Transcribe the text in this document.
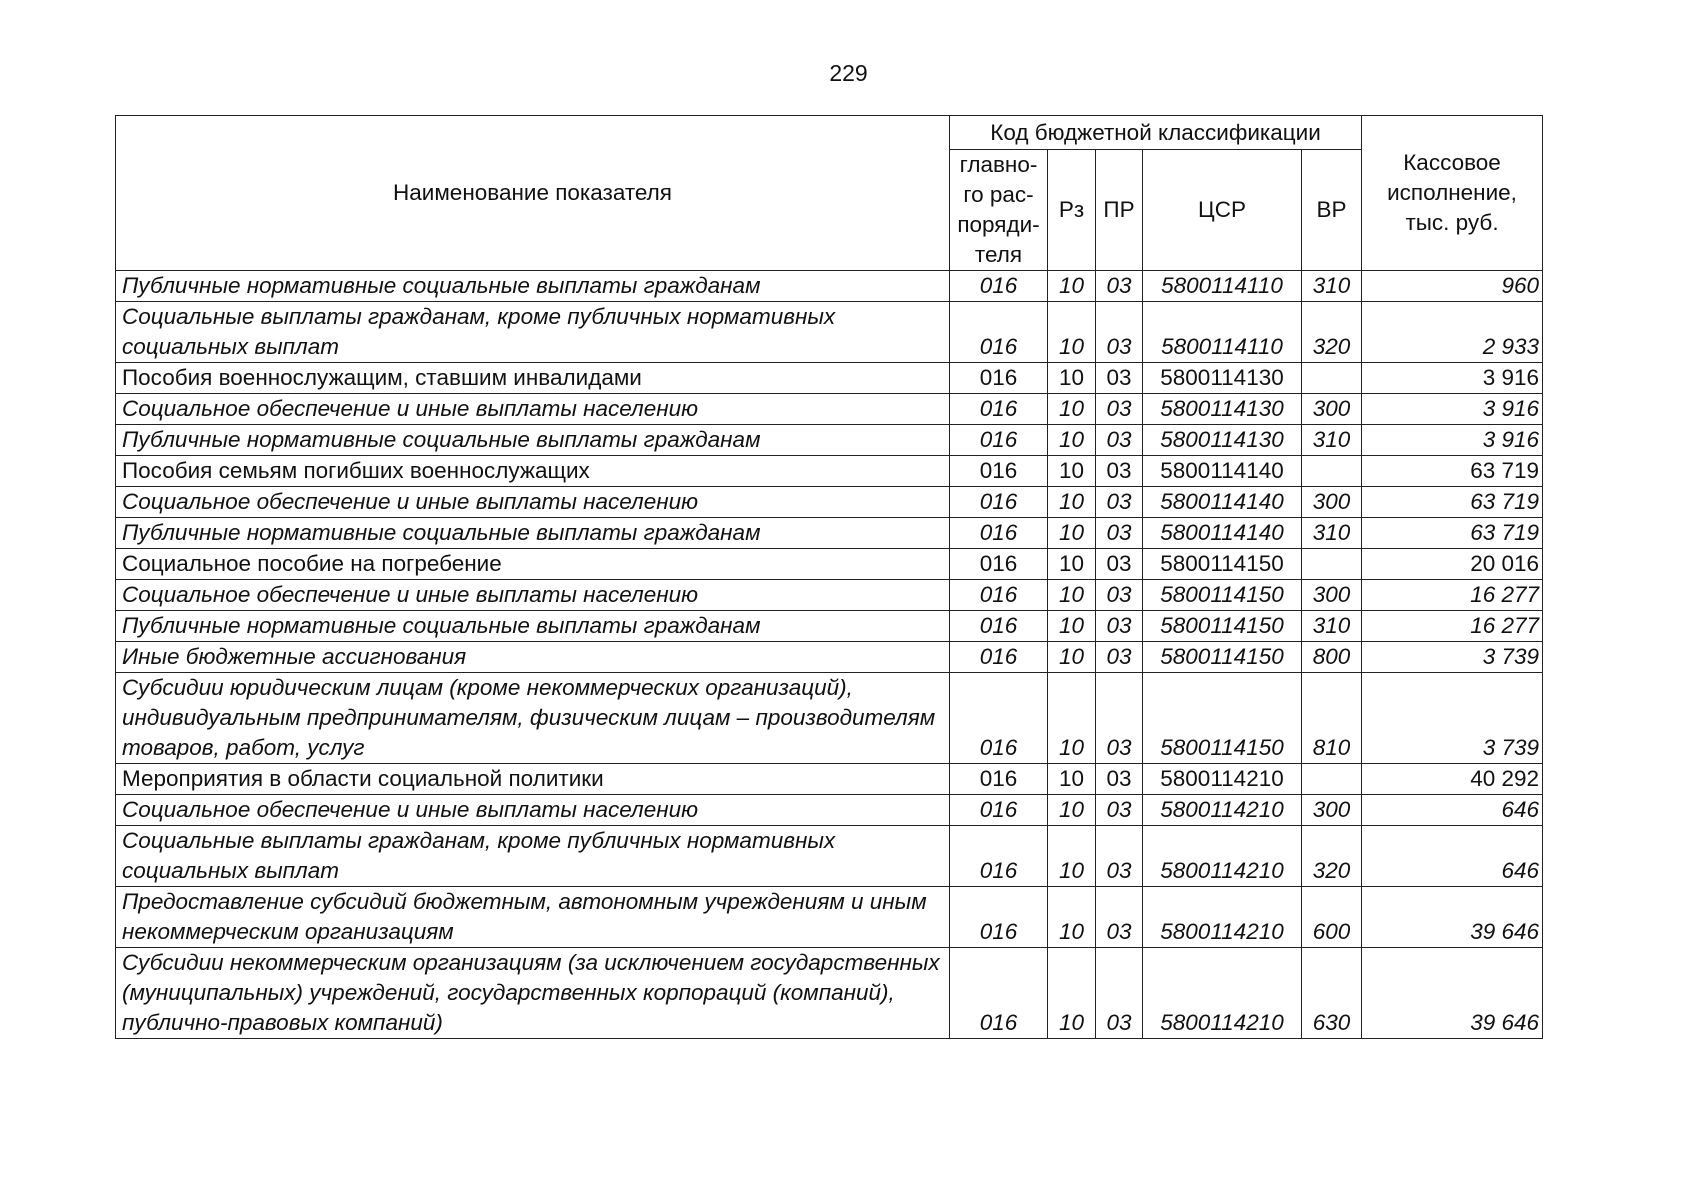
229
Наименование показателя	Код бюджетной классификации					Кассовое
исполнение,
тыс. руб.
	главно-
го рас-
поряди-
теля	Рз	ПР	ЦСР	ВР	
Публичные нормативные социальные выплаты гражданам	016	10	03	5800114110	310	960
Социальные выплаты гражданам, кроме публичных нормативных социальных выплат	016	10	03	5800114110	320	2 933
Пособия военнослужащим, ставшим инвалидами	016	10	03	5800114130		3 916
Социальное обеспечение и иные выплаты населению	016	10	03	5800114130	300	3 916
Публичные нормативные социальные выплаты гражданам	016	10	03	5800114130	310	3 916
Пособия семьям погибших военнослужащих	016	10	03	5800114140		63 719
Социальное обеспечение и иные выплаты населению	016	10	03	5800114140	300	63 719
Публичные нормативные социальные выплаты гражданам	016	10	03	5800114140	310	63 719
Социальное пособие на погребение	016	10	03	5800114150		20 016
Социальное обеспечение и иные выплаты населению	016	10	03	5800114150	300	16 277
Публичные нормативные социальные выплаты гражданам	016	10	03	5800114150	310	16 277
Иные бюджетные ассигнования	016	10	03	5800114150	800	3 739
Субсидии юридическим лицам (кроме некоммерческих организаций), индивидуальным предпринимателям, физическим лицам – производителям товаров, работ, услуг	016	10	03	5800114150	810	3 739
Мероприятия в области социальной политики	016	10	03	5800114210		40 292
Социальное обеспечение и иные выплаты населению	016	10	03	5800114210	300	646
Социальные выплаты гражданам, кроме публичных нормативных социальных выплат	016	10	03	5800114210	320	646
Предоставление субсидий бюджетным, автономным учреждениям и иным некоммерческим организациям	016	10	03	5800114210	600	39 646
Субсидии некоммерческим организациям (за исключением государственных (муниципальных) учреждений, государственных корпораций (компаний), публично-правовых компаний)	016	10	03	5800114210	630	39 646
